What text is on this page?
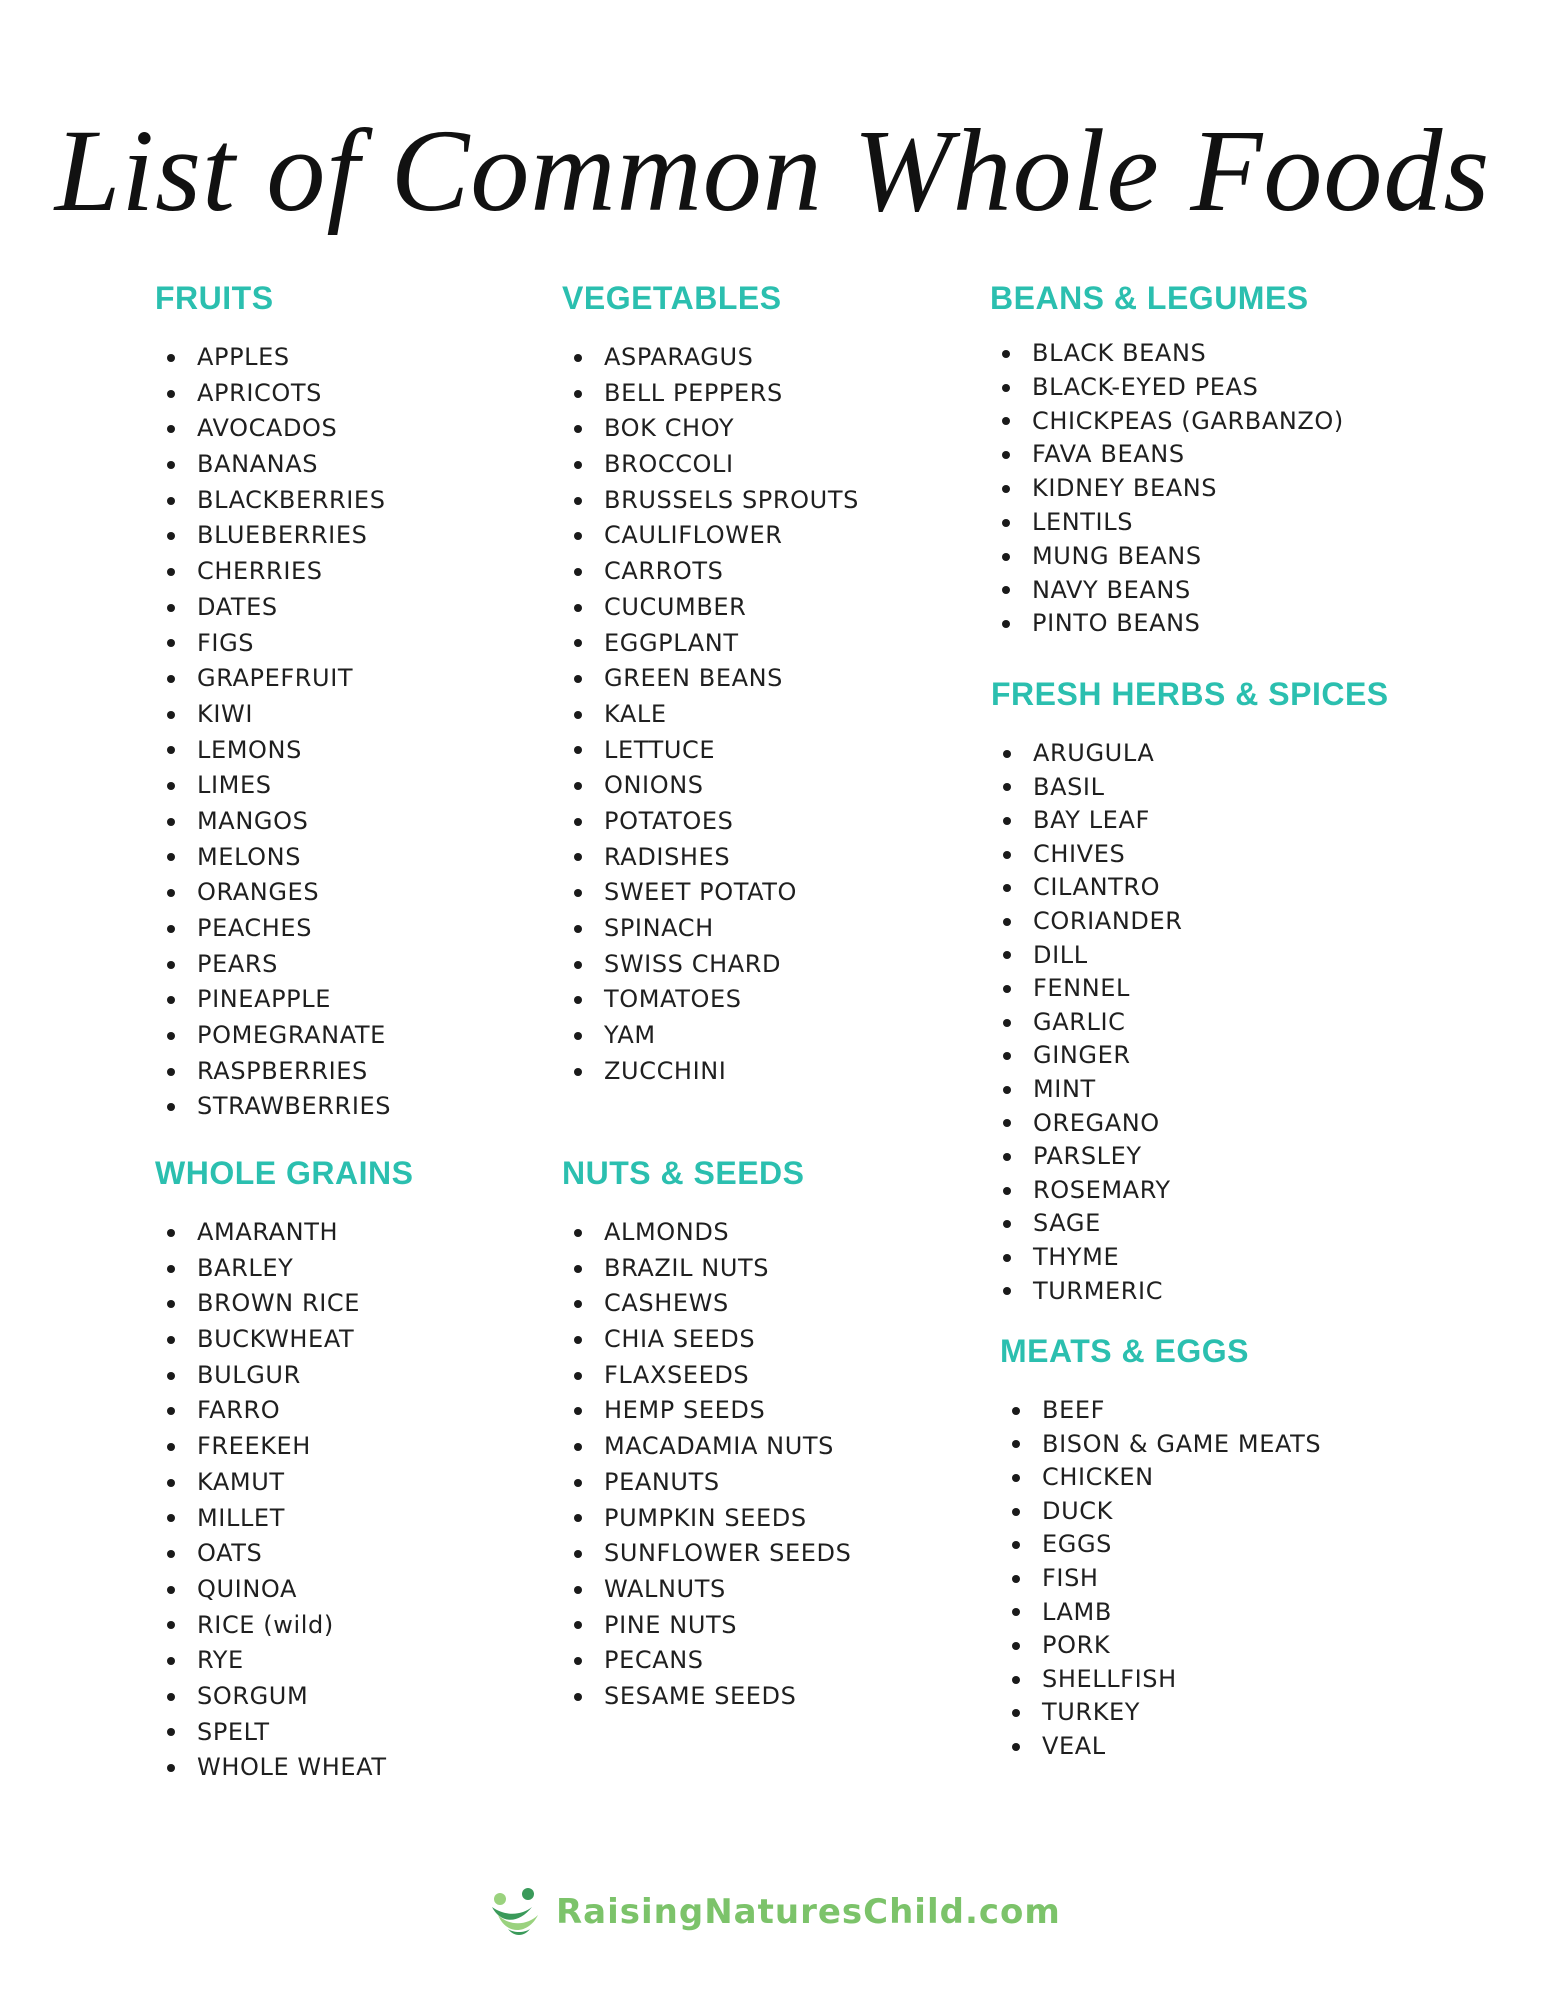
List of Common Whole Foods
FRUITS
APPLES
APRICOTS
AVOCADOS
BANANAS
BLACKBERRIES
BLUEBERRIES
CHERRIES
DATES
FIGS
GRAPEFRUIT
KIWI
LEMONS
LIMES
MANGOS
MELONS
ORANGES
PEACHES
PEARS
PINEAPPLE
POMEGRANATE
RASPBERRIES
STRAWBERRIES
VEGETABLES
ASPARAGUS
BELL PEPPERS
BOK CHOY
BROCCOLI
BRUSSELS SPROUTS
CAULIFLOWER
CARROTS
CUCUMBER
EGGPLANT
GREEN BEANS
KALE
LETTUCE
ONIONS
POTATOES
RADISHES
SWEET POTATO
SPINACH
SWISS CHARD
TOMATOES
YAM
ZUCCHINI
BEANS & LEGUMES
BLACK BEANS
BLACK-EYED PEAS
CHICKPEAS (GARBANZO)
FAVA BEANS
KIDNEY BEANS
LENTILS
MUNG BEANS
NAVY BEANS
PINTO BEANS
FRESH HERBS & SPICES
ARUGULA
BASIL
BAY LEAF
CHIVES
CILANTRO
CORIANDER
DILL
FENNEL
GARLIC
GINGER
MINT
OREGANO
PARSLEY
ROSEMARY
SAGE
THYME
TURMERIC
WHOLE GRAINS
AMARANTH
BARLEY
BROWN RICE
BUCKWHEAT
BULGUR
FARRO
FREEKEH
KAMUT
MILLET
OATS
QUINOA
RICE (wild)
RYE
SORGUM
SPELT
WHOLE WHEAT
NUTS & SEEDS
ALMONDS
BRAZIL NUTS
CASHEWS
CHIA SEEDS
FLAXSEEDS
HEMP SEEDS
MACADAMIA NUTS
PEANUTS
PUMPKIN SEEDS
SUNFLOWER SEEDS
WALNUTS
PINE NUTS
PECANS
SESAME SEEDS
MEATS & EGGS
BEEF
BISON & GAME MEATS
CHICKEN
DUCK
EGGS
FISH
LAMB
PORK
SHELLFISH
TURKEY
VEAL
RaisingNaturesChild.com
